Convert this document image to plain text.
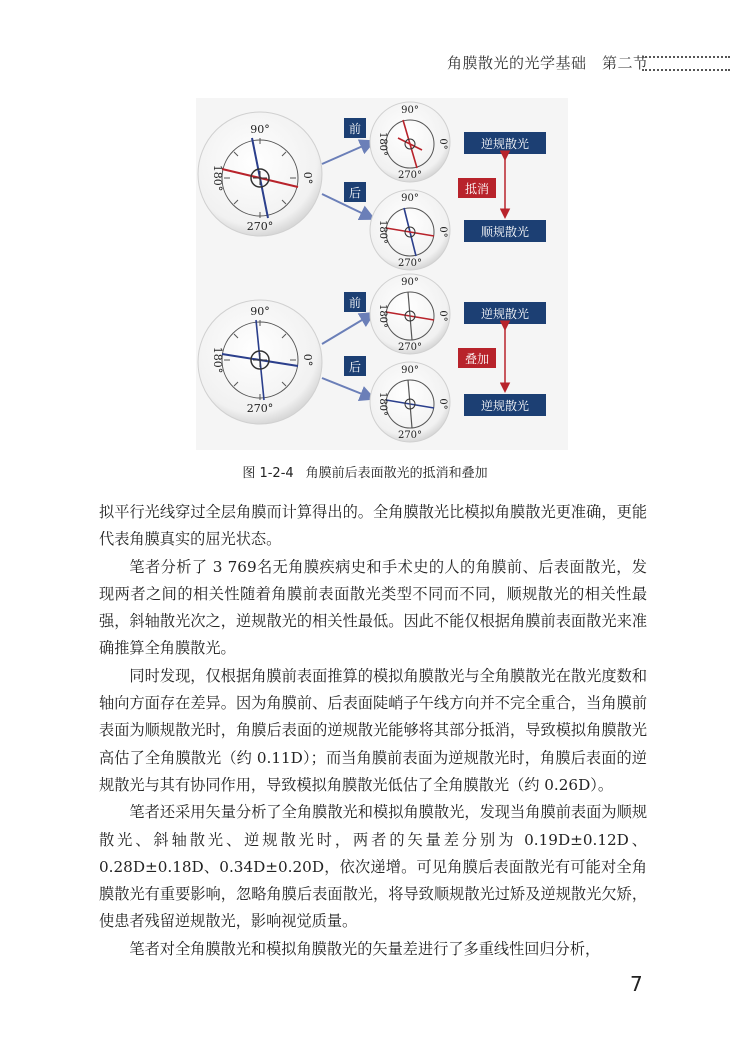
角膜散光的光学基础　第二节
90°
270°
180°	0°
前
后
90°
270°
180°	0°
90°
270°
180°	0°
逆规散光
顺规散光
抵消
90°
270°
180°	0°
前
后
90°
270°
180°	0°
90°
270°
180°	0°
逆规散光
逆规散光
叠加
图 1-2-4 角膜前后表面散光的抵消和叠加

拟平行光线穿过全层角膜而计算得出的。全角膜散光比模拟角膜散光更准确，更能代表角膜真实的屈光状态。

笔者分析了 3 769名无角膜疾病史和手术史的人的角膜前、后表面散光，发现两者之间的相关性随着角膜前表面散光类型不同而不同，顺规散光的相关性最强，斜轴散光次之，逆规散光的相关性最低。因此不能仅根据角膜前表面散光来准确推算全角膜散光。

同时发现，仅根据角膜前表面推算的模拟角膜散光与全角膜散光在散光度数和轴向方面存在差异。因为角膜前、后表面陡峭子午线方向并不完全重合，当角膜前表面为顺规散光时，角膜后表面的逆规散光能够将其部分抵消，导致模拟角膜散光高估了全角膜散光（约 0.11D）；而当角膜前表面为逆规散光时，角膜后表面的逆规散光与其有协同作用，导致模拟角膜散光低估了全角膜散光（约 0.26D）。

笔者还采用矢量分析了全角膜散光和模拟角膜散光，发现当角膜前表面为顺规散光、斜轴散光、逆规散光时，两者的矢量差分别为 0.19D±0.12D、0.28D±0.18D、0.34D±0.20D，依次递增。可见角膜后表面散光有可能对全角膜散光有重要影响，忽略角膜后表面散光，将导致顺规散光过矫及逆规散光欠矫，使患者残留逆规散光，影响视觉质量。

笔者对全角膜散光和模拟角膜散光的矢量差进行了多重线性回归分析，

7
